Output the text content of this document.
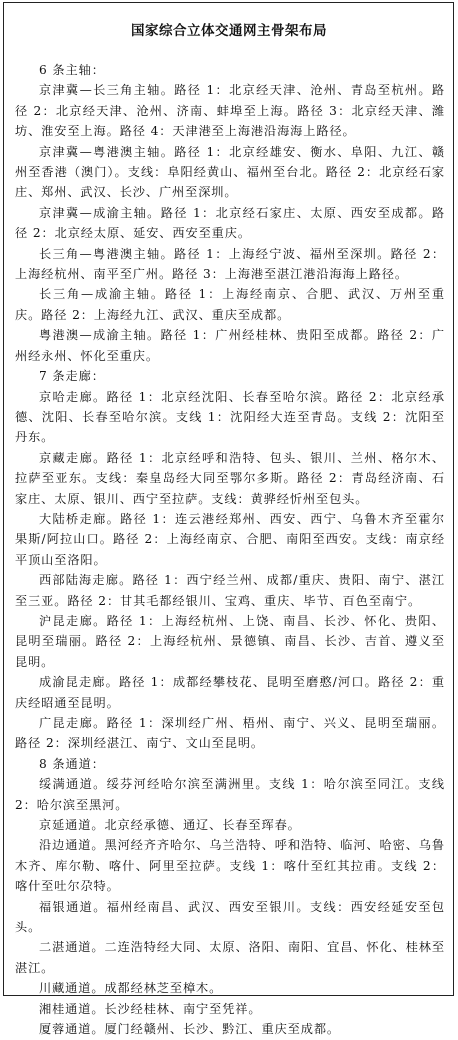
国家综合立体交通网主骨架布局

6 条主轴：

京津冀—长三角主轴。路径 1：北京经天津、沧州、青岛至杭州。路径 2：北京经天津、沧州、济南、蚌埠至上海。路径 3：北京经天津、潍坊、淮安至上海。路径 4：天津港至上海港沿海海上路径。

京津冀—粤港澳主轴。路径 1：北京经雄安、衡水、阜阳、九江、赣州至香港（澳门）。支线：阜阳经黄山、福州至台北。路径 2：北京经石家庄、郑州、武汉、长沙、广州至深圳。

京津冀—成渝主轴。路径 1：北京经石家庄、太原、西安至成都。路径 2：北京经太原、延安、西安至重庆。

长三角—粤港澳主轴。路径 1：上海经宁波、福州至深圳。路径 2：上海经杭州、南平至广州。路径 3：上海港至湛江港沿海海上路径。

长三角—成渝主轴。路径 1：上海经南京、合肥、武汉、万州至重庆。路径 2：上海经九江、武汉、重庆至成都。

粤港澳—成渝主轴。路径 1：广州经桂林、贵阳至成都。路径 2：广州经永州、怀化至重庆。

7 条走廊：

京哈走廊。路径 1：北京经沈阳、长春至哈尔滨。路径 2：北京经承德、沈阳、长春至哈尔滨。支线 1：沈阳经大连至青岛。支线 2：沈阳至丹东。

京藏走廊。路径 1：北京经呼和浩特、包头、银川、兰州、格尔木、拉萨至亚东。支线：秦皇岛经大同至鄂尔多斯。路径 2：青岛经济南、石家庄、太原、银川、西宁至拉萨。支线：黄骅经忻州至包头。

大陆桥走廊。路径 1：连云港经郑州、西安、西宁、乌鲁木齐至霍尔果斯/阿拉山口。路径 2：上海经南京、合肥、南阳至西安。支线：南京经平顶山至洛阳。

西部陆海走廊。路径 1：西宁经兰州、成都/重庆、贵阳、南宁、湛江至三亚。路径 2：甘其毛都经银川、宝鸡、重庆、毕节、百色至南宁。

沪昆走廊。路径 1：上海经杭州、上饶、南昌、长沙、怀化、贵阳、昆明至瑞丽。路径 2：上海经杭州、景德镇、南昌、长沙、吉首、遵义至昆明。

成渝昆走廊。路径 1：成都经攀枝花、昆明至磨憨/河口。路径 2：重庆经昭通至昆明。

广昆走廊。路径 1：深圳经广州、梧州、南宁、兴义、昆明至瑞丽。路径 2：深圳经湛江、南宁、文山至昆明。

8 条通道：

绥满通道。绥芬河经哈尔滨至满洲里。支线 1：哈尔滨至同江。支线 2：哈尔滨至黑河。

京延通道。北京经承德、通辽、长春至珲春。

沿边通道。黑河经齐齐哈尔、乌兰浩特、呼和浩特、临河、哈密、乌鲁木齐、库尔勒、喀什、阿里至拉萨。支线 1：喀什至红其拉甫。支线 2：喀什至吐尔尕特。

福银通道。福州经南昌、武汉、西安至银川。支线：西安经延安至包头。

二湛通道。二连浩特经大同、太原、洛阳、南阳、宜昌、怀化、桂林至湛江。

川藏通道。成都经林芝至樟木。

湘桂通道。长沙经桂林、南宁至凭祥。

厦蓉通道。厦门经赣州、长沙、黔江、重庆至成都。
